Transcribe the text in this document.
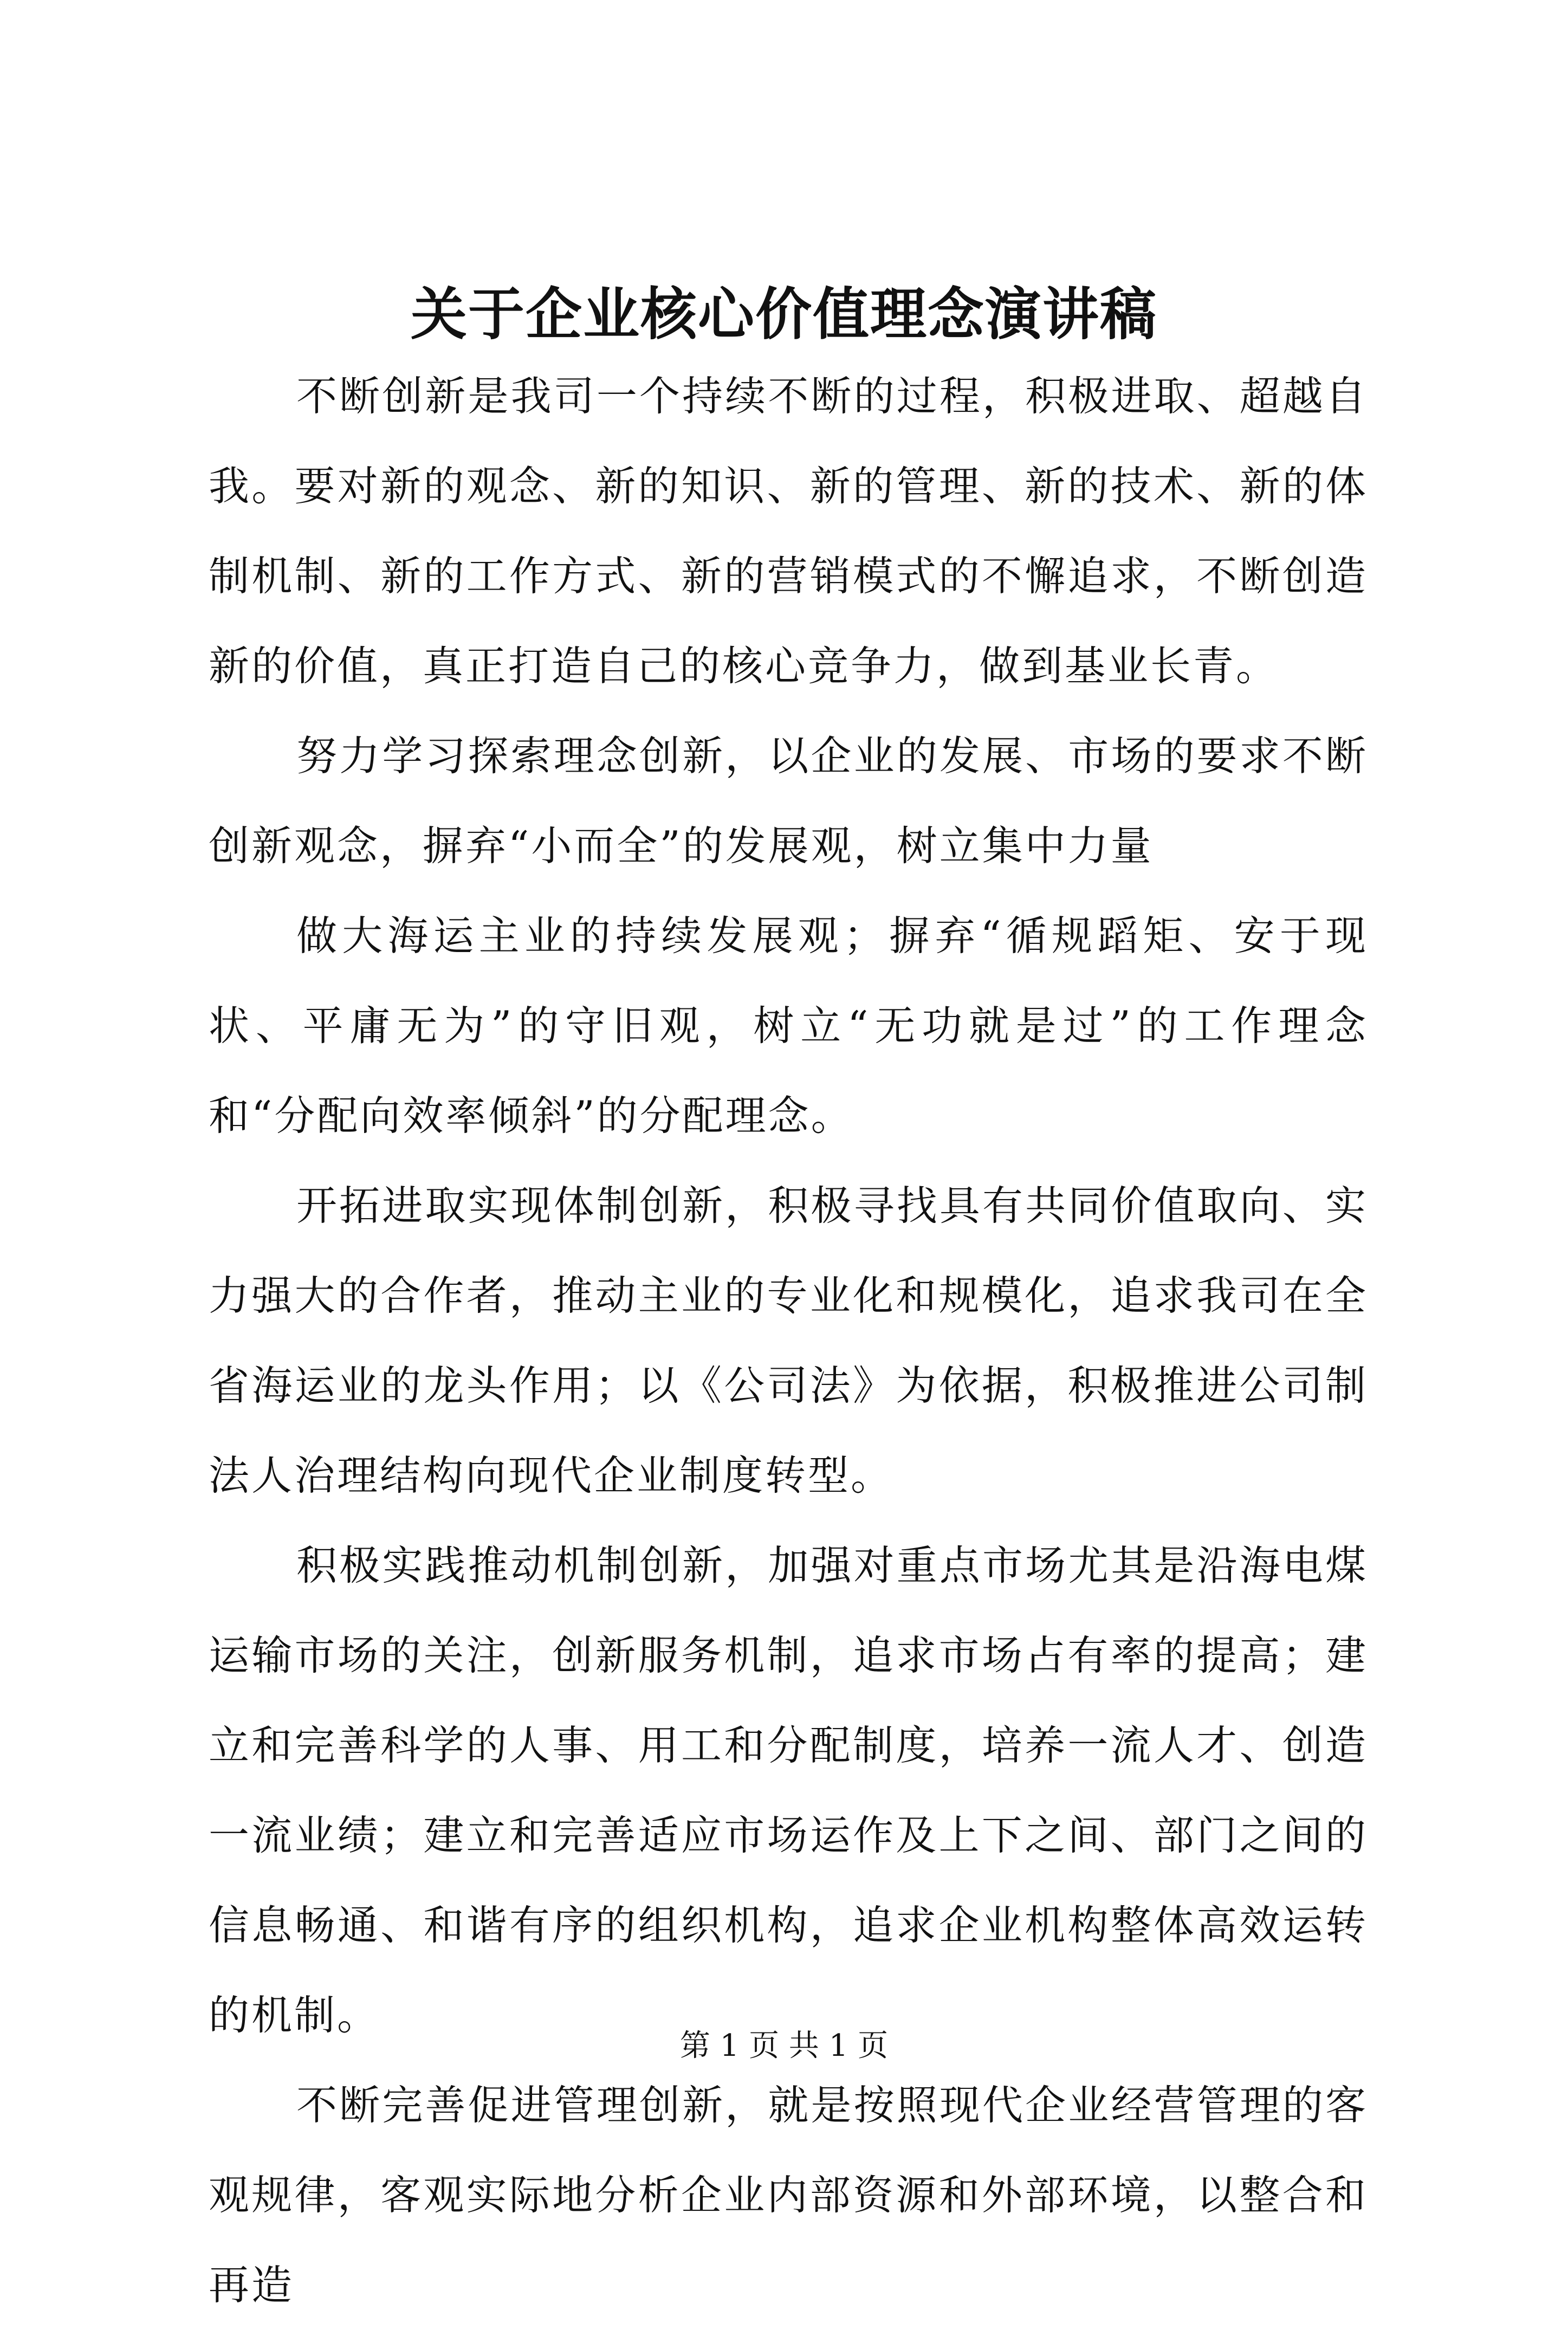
关于企业核心价值理念演讲稿

不断创新是我司一个持续不断的过程，积极进取、超越自我。要对新的观念、新的知识、新的管理、新的技术、新的体制机制、新的工作方式、新的营销模式的不懈追求，不断创造新的价值，真正打造自己的核心竞争力，做到基业长青。

努力学习探索理念创新，以企业的发展、市场的要求不断创新观念，摒弃“小而全”的发展观，树立集中力量

做大海运主业的持续发展观；摒弃“循规蹈矩、安于现状、平庸无为”的守旧观，树立“无功就是过”的工作理念和“分配向效率倾斜”的分配理念。

开拓进取实现体制创新，积极寻找具有共同价值取向、实力强大的合作者，推动主业的专业化和规模化，追求我司在全省海运业的龙头作用；以《公司法》为依据，积极推进公司制法人治理结构向现代企业制度转型。

积极实践推动机制创新，加强对重点市场尤其是沿海电煤运输市场的关注，创新服务机制，追求市场占有率的提高；建立和完善科学的人事、用工和分配制度，培养一流人才、创造一流业绩；建立和完善适应市场运作及上下之间、部门之间的信息畅通、和谐有序的组织机构，追求企业机构整体高效运转的机制。

不断完善促进管理创新，就是按照现代企业经营管理的客观规律，客观实际地分析企业内部资源和外部环境，以整合和再造

第 1 页 共 1 页
